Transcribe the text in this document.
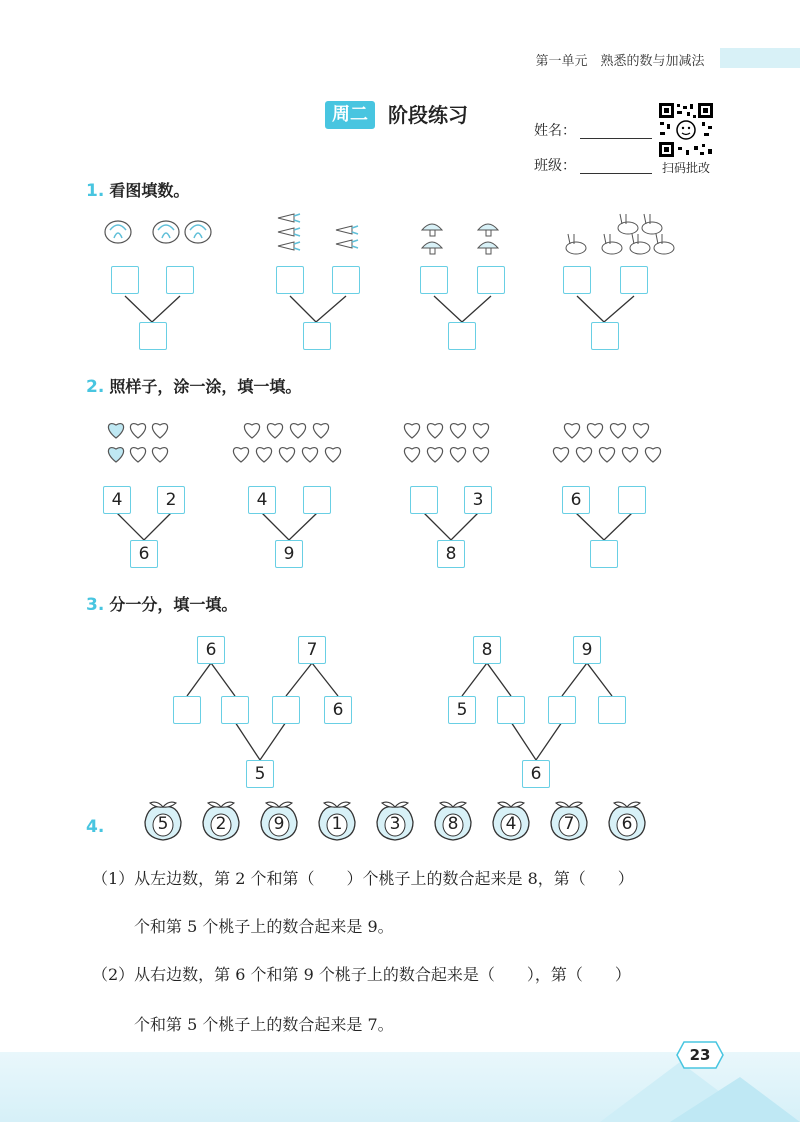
第一单元　 熟悉的数与加减法
周二	阶段练习
姓名：
班级：	扫码批改
1. 看图填数。
2. 照样子，涂一涂，填一填。
4	2
6
4
9
3
8
6
3. 分一分，填一填。
6	7
6
5
8	9
5
6
4.	5	2	9	1	3	8	4	7	6
（1）从左边数，第 2 个和第（　　）个桃子上的数合起来是 8，第（　　）
个和第 5 个桃子上的数合起来是 9。
（2）从右边数，第 6 个和第 9 个桃子上的数合起来是（　　），第（　　）
个和第 5 个桃子上的数合起来是 7。
23
